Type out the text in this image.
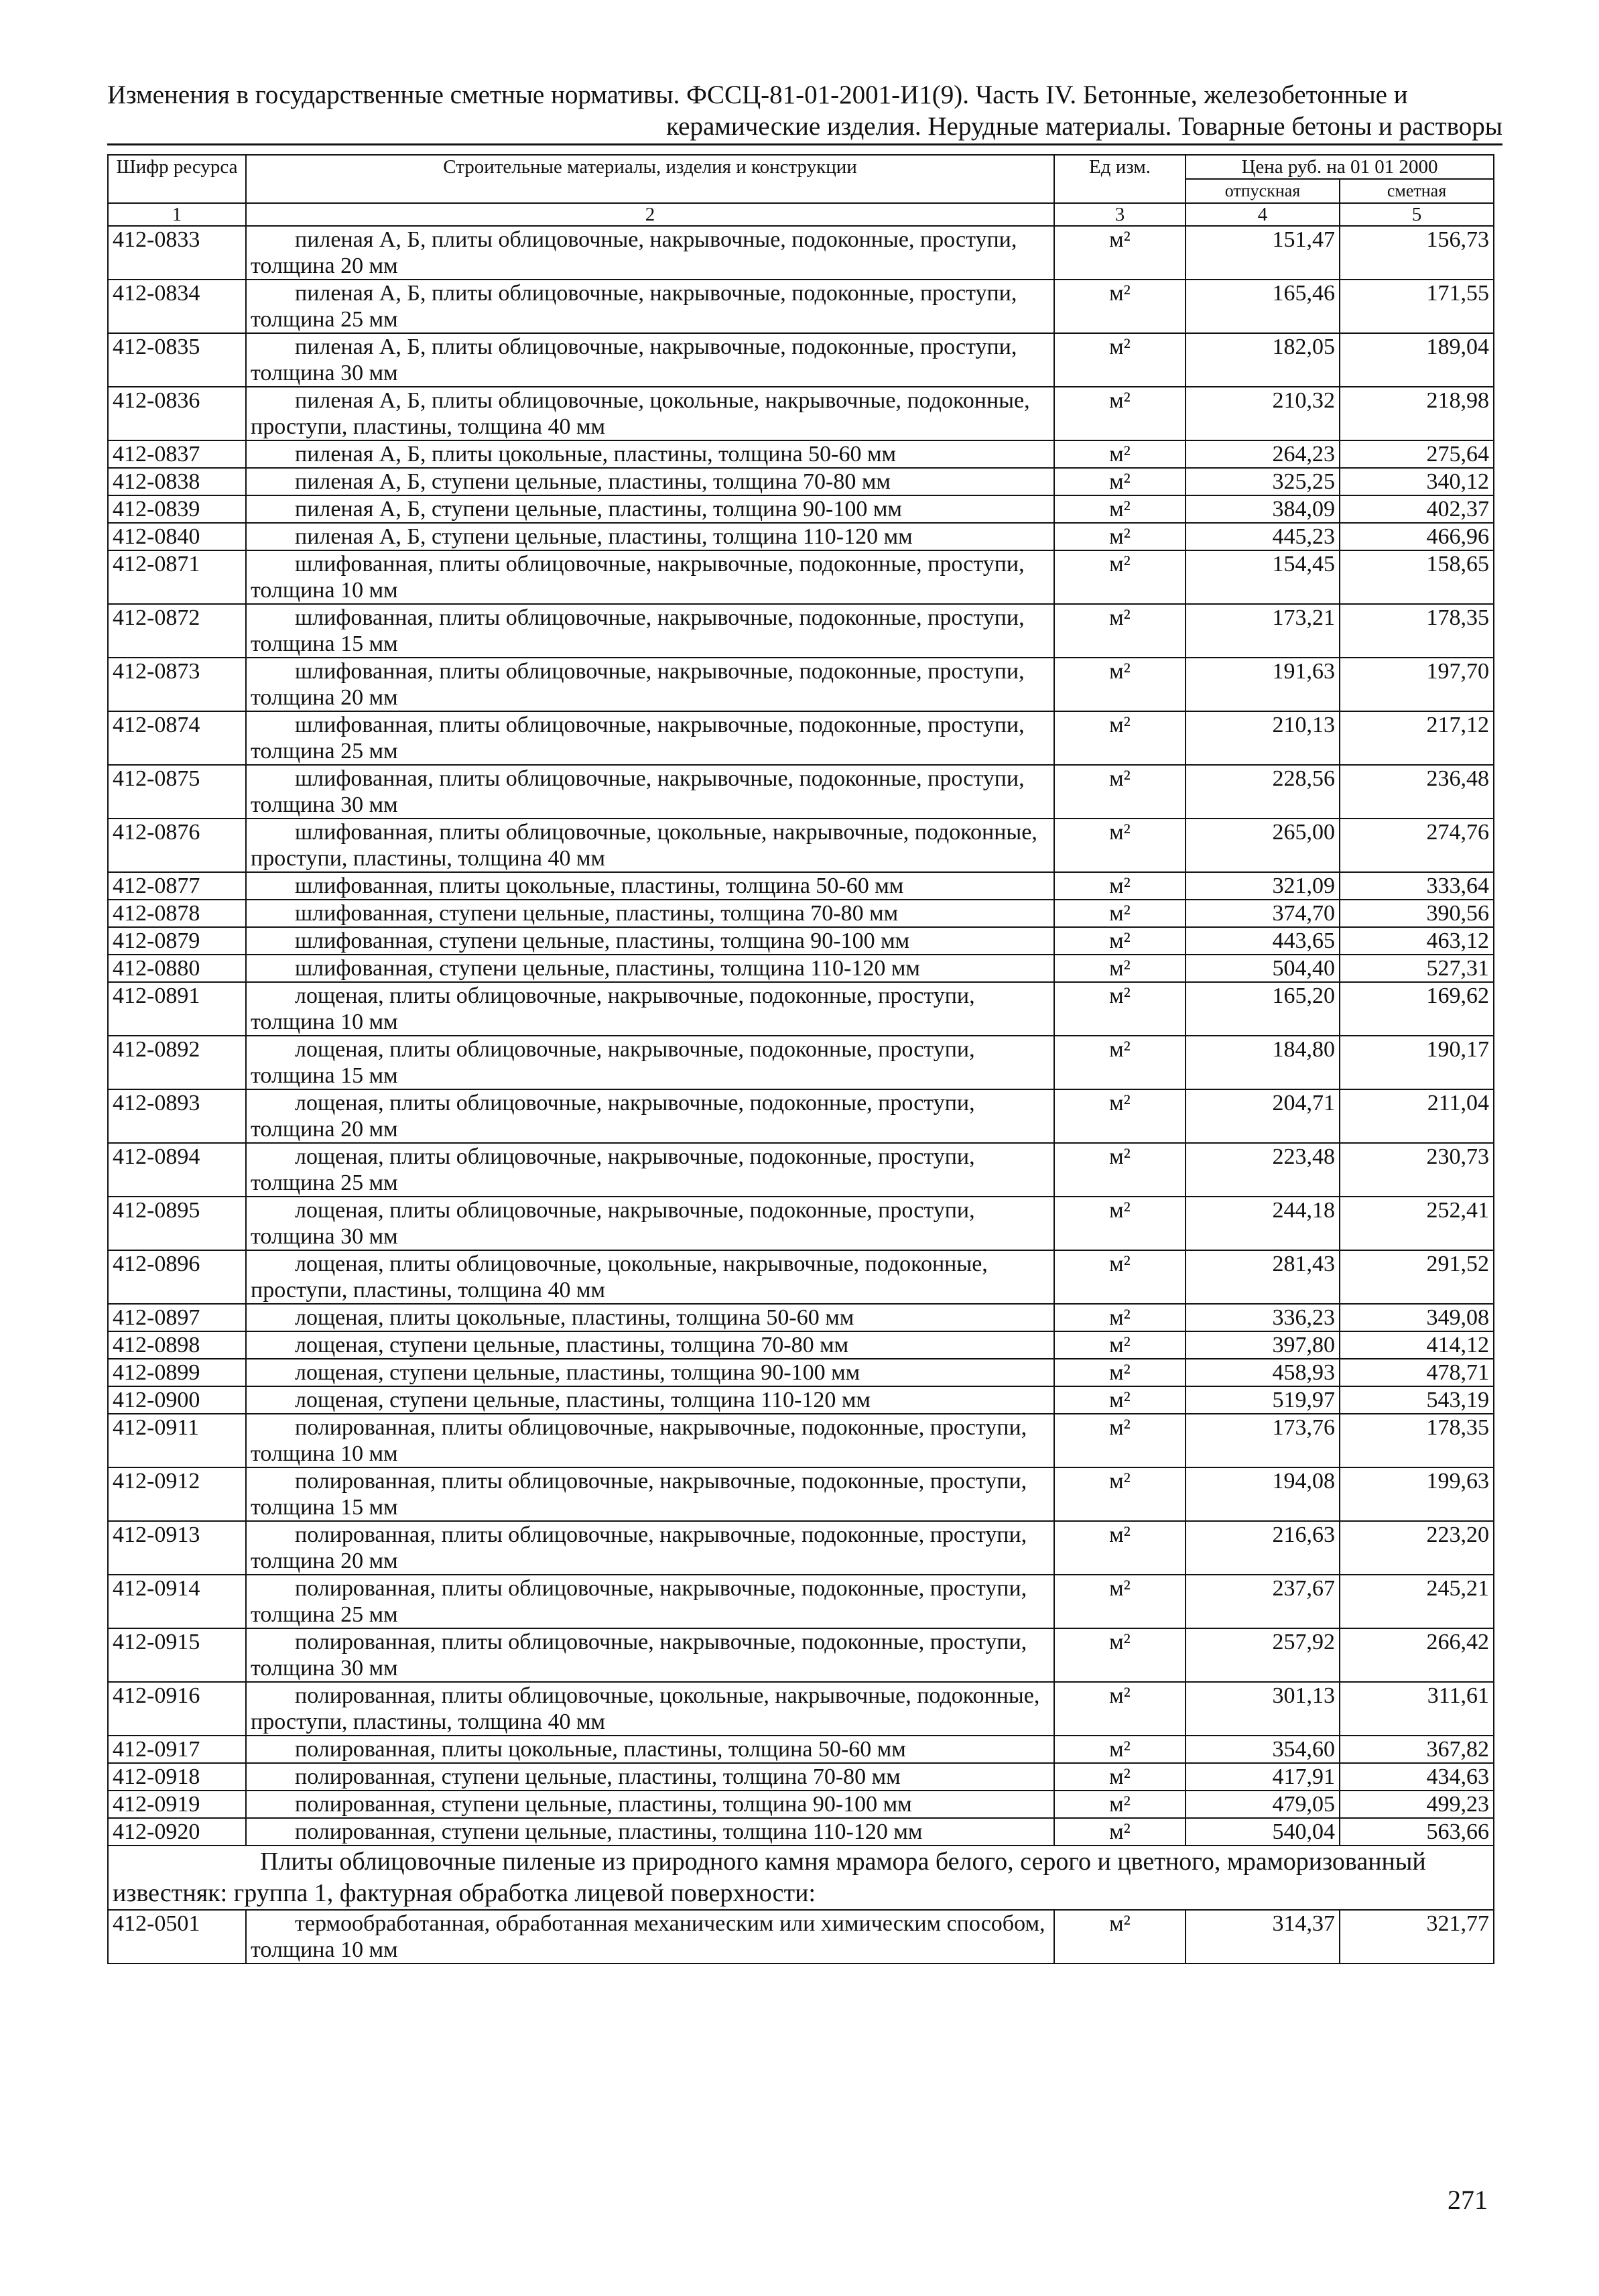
Изменения в государственные сметные нормативы. ФССЦ-81-01-2001-И1(9). Часть IV. Бетонные, железобетонные и
керамические изделия. Нерудные материалы. Товарные бетоны и растворы
Шифр ресурса	Строительные материалы, изделия и конструкции	Ед изм.	Цена руб. на 01 01 2000	
			отпускная	сметная
1	2	3	4	5
412-0833	пиленая А, Б, плиты облицовочные, накрывочные, подоконные, проступи, толщина 20 мм	м²	151,47	156,73
412-0834	пиленая А, Б, плиты облицовочные, накрывочные, подоконные, проступи, толщина 25 мм	м²	165,46	171,55
412-0835	пиленая А, Б, плиты облицовочные, накрывочные, подоконные, проступи, толщина 30 мм	м²	182,05	189,04
412-0836	пиленая А, Б, плиты облицовочные, цокольные, накрывочные, подоконные, проступи, пластины, толщина 40 мм	м²	210,32	218,98
412-0837	пиленая А, Б, плиты цокольные, пластины, толщина 50-60 мм	м²	264,23	275,64
412-0838	пиленая А, Б, ступени цельные, пластины, толщина 70-80 мм	м²	325,25	340,12
412-0839	пиленая А, Б, ступени цельные, пластины, толщина 90-100 мм	м²	384,09	402,37
412-0840	пиленая А, Б, ступени цельные, пластины, толщина 110-120 мм	м²	445,23	466,96
412-0871	шлифованная, плиты облицовочные, накрывочные, подоконные, проступи, толщина 10 мм	м²	154,45	158,65
412-0872	шлифованная, плиты облицовочные, накрывочные, подоконные, проступи, толщина 15 мм	м²	173,21	178,35
412-0873	шлифованная, плиты облицовочные, накрывочные, подоконные, проступи, толщина 20 мм	м²	191,63	197,70
412-0874	шлифованная, плиты облицовочные, накрывочные, подоконные, проступи, толщина 25 мм	м²	210,13	217,12
412-0875	шлифованная, плиты облицовочные, накрывочные, подоконные, проступи, толщина 30 мм	м²	228,56	236,48
412-0876	шлифованная, плиты облицовочные, цокольные, накрывочные, подоконные, проступи, пластины, толщина 40 мм	м²	265,00	274,76
412-0877	шлифованная, плиты цокольные, пластины, толщина 50-60 мм	м²	321,09	333,64
412-0878	шлифованная, ступени цельные, пластины, толщина 70-80 мм	м²	374,70	390,56
412-0879	шлифованная, ступени цельные, пластины, толщина 90-100 мм	м²	443,65	463,12
412-0880	шлифованная, ступени цельные, пластины, толщина 110-120 мм	м²	504,40	527,31
412-0891	лощеная, плиты облицовочные, накрывочные, подоконные, проступи, толщина 10 мм	м²	165,20	169,62
412-0892	лощеная, плиты облицовочные, накрывочные, подоконные, проступи, толщина 15 мм	м²	184,80	190,17
412-0893	лощеная, плиты облицовочные, накрывочные, подоконные, проступи, толщина 20 мм	м²	204,71	211,04
412-0894	лощеная, плиты облицовочные, накрывочные, подоконные, проступи, толщина 25 мм	м²	223,48	230,73
412-0895	лощеная, плиты облицовочные, накрывочные, подоконные, проступи, толщина 30 мм	м²	244,18	252,41
412-0896	лощеная, плиты облицовочные, цокольные, накрывочные, подоконные, проступи, пластины, толщина 40 мм	м²	281,43	291,52
412-0897	лощеная, плиты цокольные, пластины, толщина 50-60 мм	м²	336,23	349,08
412-0898	лощеная, ступени цельные, пластины, толщина 70-80 мм	м²	397,80	414,12
412-0899	лощеная, ступени цельные, пластины, толщина 90-100 мм	м²	458,93	478,71
412-0900	лощеная, ступени цельные, пластины, толщина 110-120 мм	м²	519,97	543,19
412-0911	полированная, плиты облицовочные, накрывочные, подоконные, проступи, толщина 10 мм	м²	173,76	178,35
412-0912	полированная, плиты облицовочные, накрывочные, подоконные, проступи, толщина 15 мм	м²	194,08	199,63
412-0913	полированная, плиты облицовочные, накрывочные, подоконные, проступи, толщина 20 мм	м²	216,63	223,20
412-0914	полированная, плиты облицовочные, накрывочные, подоконные, проступи, толщина 25 мм	м²	237,67	245,21
412-0915	полированная, плиты облицовочные, накрывочные, подоконные, проступи, толщина 30 мм	м²	257,92	266,42
412-0916	полированная, плиты облицовочные, цокольные, накрывочные, подоконные, проступи, пластины, толщина 40 мм	м²	301,13	311,61
412-0917	полированная, плиты цокольные, пластины, толщина 50-60 мм	м²	354,60	367,82
412-0918	полированная, ступени цельные, пластины, толщина 70-80 мм	м²	417,91	434,63
412-0919	полированная, ступени цельные, пластины, толщина 90-100 мм	м²	479,05	499,23
412-0920	полированная, ступени цельные, пластины, толщина 110-120 мм	м²	540,04	563,66
Плиты облицовочные пиленые из природного камня мрамора белого, серого и цветного, мраморизованный известняк: группа 1, фактурная обработка лицевой поверхности:				
412-0501	термообработанная, обработанная механическим или химическим способом, толщина 10 мм	м²	314,37	321,77
271
